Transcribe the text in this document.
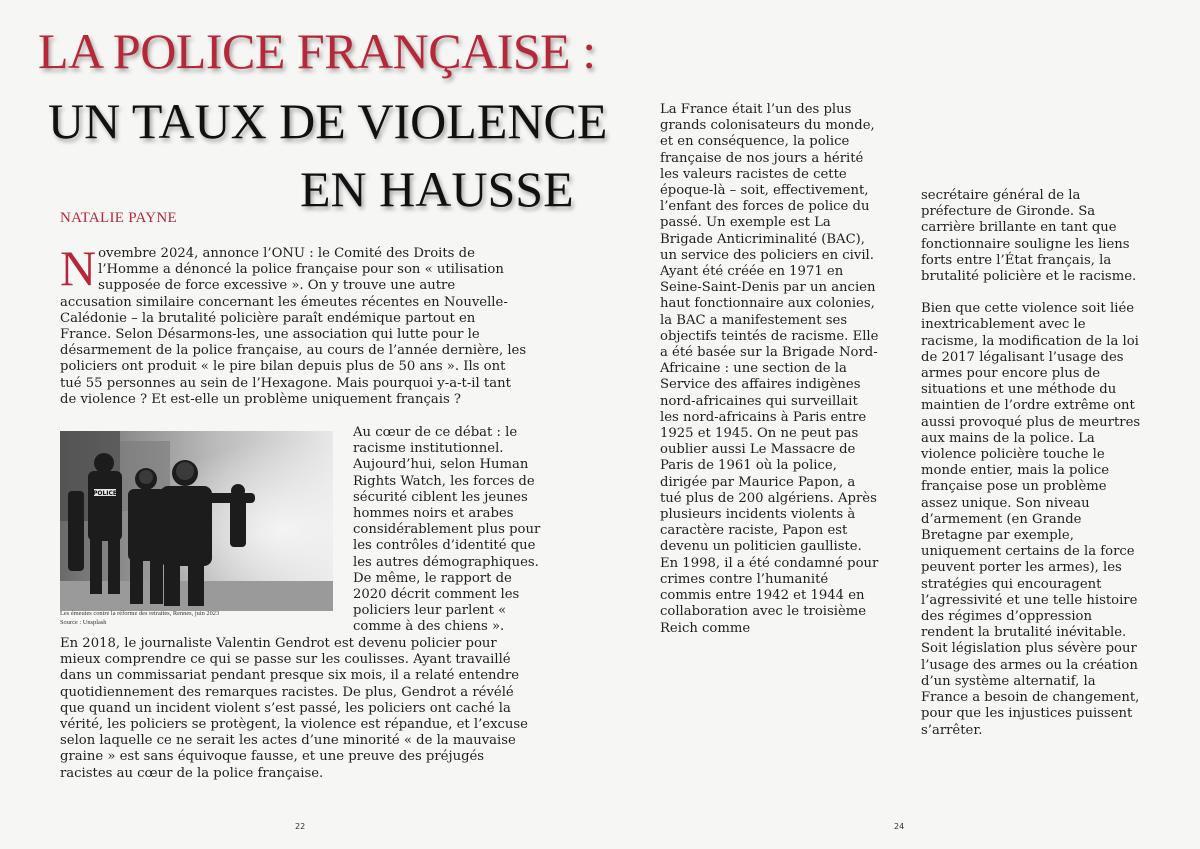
LA POLICE FRANÇAISE :
UN TAUX DE VIOLENCE
EN HAUSSE
NATALIE PAYNE

Novembre 2024, annonce l’ONU : le Comité des Droits de l’Homme a dénoncé la police française pour son « utilisation supposée de force excessive ». On y trouve une autre accusation similaire concernant les émeutes récentes en Nouvelle-Calédonie – la brutalité policière paraît endémique partout en France. Selon Désarmons-les, une association qui lutte pour le désarmement de la police française, au cours de l’année dernière, les policiers ont produit « le pire bilan depuis plus de 50 ans ». Ils ont tué 55 personnes au sein de l’Hexagone. Mais pourquoi y-a-t-il tant de violence ? Et est-elle un problème uniquement français ?

POLICE
Les émeutes contre la réforme des retraites, Rennes, juin 2023
Source : Unsplash

Au cœur de ce débat : le racisme institutionnel. Aujourd’hui, selon Human Rights Watch, les forces de sécurité ciblent les jeunes hommes noirs et arabes considérablement plus pour les contrôles d’identité que les autres démographiques. De même, le rapport de 2020 décrit comment les policiers leur parlent « comme à des chiens ».

En 2018, le journaliste Valentin Gendrot est devenu policier pour mieux comprendre ce qui se passe sur les coulisses. Ayant travaillé dans un commissariat pendant presque six mois, il a relaté entendre quotidiennement des remarques racistes. De plus, Gendrot a révélé que quand un incident violent s’est passé, les policiers ont caché la vérité, les policiers se protègent, la violence est répandue, et l’excuse selon laquelle ce ne serait les actes d’une minorité « de la mauvaise graine » est sans équivoque fausse, et une preuve des préjugés racistes au cœur de la police française.

La France était l’un des plus grands colonisateurs du monde, et en conséquence, la police française de nos jours a hérité les valeurs racistes de cette époque-là – soit, effectivement, l’enfant des forces de police du passé. Un exemple est La Brigade Anticriminalité (BAC), un service des policiers en civil. Ayant été créée en 1971 en Seine-Saint-Denis par un ancien haut fonctionnaire aux colonies, la BAC a manifestement ses objectifs teintés de racisme. Elle a été basée sur la Brigade Nord-Africaine : une section de la Service des affaires indigènes nord-africaines qui surveillait les nord-africains à Paris entre 1925 et 1945. On ne peut pas oublier aussi Le Massacre de Paris de 1961 où la police, dirigée par Maurice Papon, a tué plus de 200 algériens. Après plusieurs incidents violents à caractère raciste, Papon est devenu un politicien gaulliste. En 1998, il a été condamné pour crimes contre l’humanité commis entre 1942 et 1944 en collaboration avec le troisième Reich comme

secrétaire général de la préfecture de Gironde. Sa carrière brillante en tant que fonctionnaire souligne les liens forts entre l’État français, la brutalité policière et le racisme.

Bien que cette violence soit liée inextricablement avec le racisme, la modification de la loi de 2017 légalisant l’usage des armes pour encore plus de situations et une méthode du maintien de l’ordre extrême ont aussi provoqué plus de meurtres aux mains de la police. La violence policière touche le monde entier, mais la police française pose un problème assez unique. Son niveau d’armement (en Grande Bretagne par exemple, uniquement certains de la force peuvent porter les armes), les stratégies qui encouragent l’agressivité et une telle histoire des régimes d’oppression rendent la brutalité inévitable. Soit législation plus sévère pour l’usage des armes ou la création d’un système alternatif, la France a besoin de changement, pour que les injustices puissent s’arrêter.

22	24
